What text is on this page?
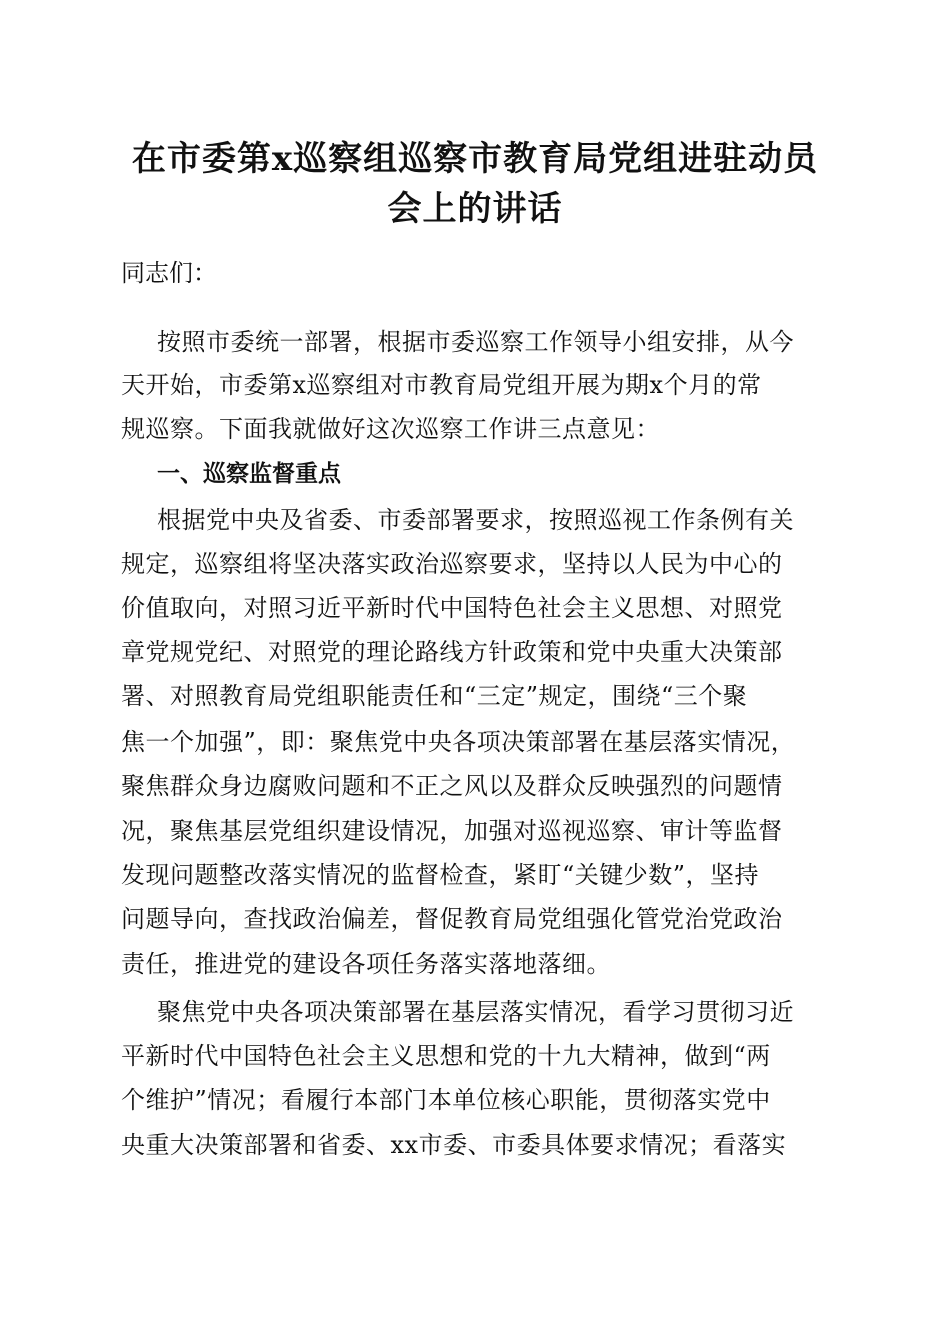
在市委第x巡察组巡察市教育局党组进驻动员
会上的讲话
同志们：
按照市委统一部署，根据市委巡察工作领导小组安排，从今
天开始，市委第x巡察组对市教育局党组开展为期x个月的常
规巡察。下面我就做好这次巡察工作讲三点意见：
一、巡察监督重点
根据党中央及省委、市委部署要求，按照巡视工作条例有关
规定，巡察组将坚决落实政治巡察要求，坚持以人民为中心的
价值取向，对照习近平新时代中国特色社会主义思想、对照党
章党规党纪、对照党的理论路线方针政策和党中央重大决策部
署、对照教育局党组职能责任和“三定”规定，围绕“三个聚
焦一个加强”，即：聚焦党中央各项决策部署在基层落实情况，
聚焦群众身边腐败问题和不正之风以及群众反映强烈的问题情
况，聚焦基层党组织建设情况，加强对巡视巡察、审计等监督
发现问题整改落实情况的监督检查，紧盯“关键少数”，坚持
问题导向，查找政治偏差，督促教育局党组强化管党治党政治
责任，推进党的建设各项任务落实落地落细。
聚焦党中央各项决策部署在基层落实情况，看学习贯彻习近
平新时代中国特色社会主义思想和党的十九大精神，做到“两
个维护”情况；看履行本部门本单位核心职能，贯彻落实党中
央重大决策部署和省委、xx市委、市委具体要求情况；看落实
